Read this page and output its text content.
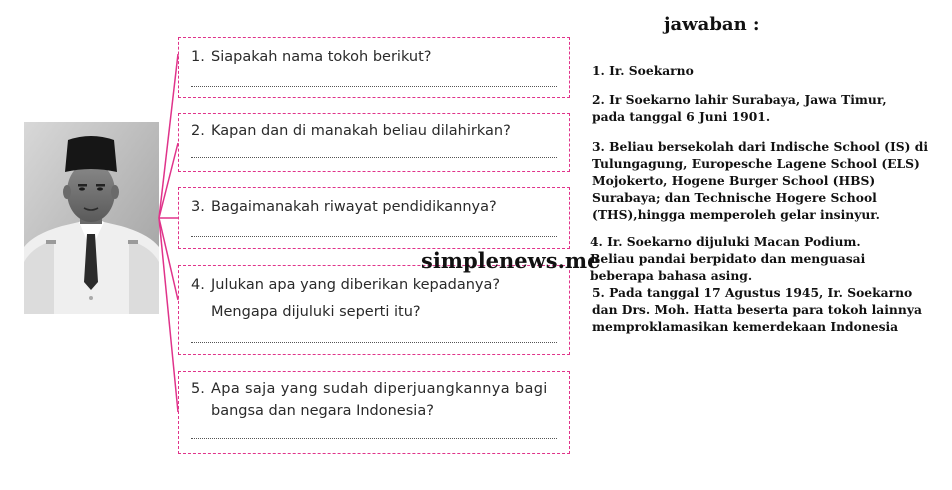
1. Siapakah nama tokoh berikut?
2. Kapan dan di manakah beliau dilahirkan?
3. Bagaimanakah riwayat pendidikannya?
4. Julukan apa yang diberikan kepadanya?
Mengapa dijuluki seperti itu?
5. Apa saja yang sudah diperjuangkannya bagi
bangsa dan negara Indonesia?
jawaban :
1. Ir. Soekarno
2. Ir Soekarno lahir Surabaya, Jawa Timur,
pada tanggal 6 Juni 1901.
3. Beliau bersekolah dari Indische School (IS) di
Tulungagung, Europesche Lagene School (ELS)
Mojokerto, Hogene Burger School (HBS)
Surabaya; dan Technische Hogere School
(THS),hingga memperoleh gelar insinyur.
4. Ir. Soekarno dijuluki Macan Podium.
Beliau pandai berpidato dan menguasai
beberapa bahasa asing.
5. Pada tanggal 17 Agustus 1945, Ir. Soekarno
dan Drs. Moh. Hatta beserta para tokoh lainnya
memproklamasikan kemerdekaan Indonesia
simplenews.me
